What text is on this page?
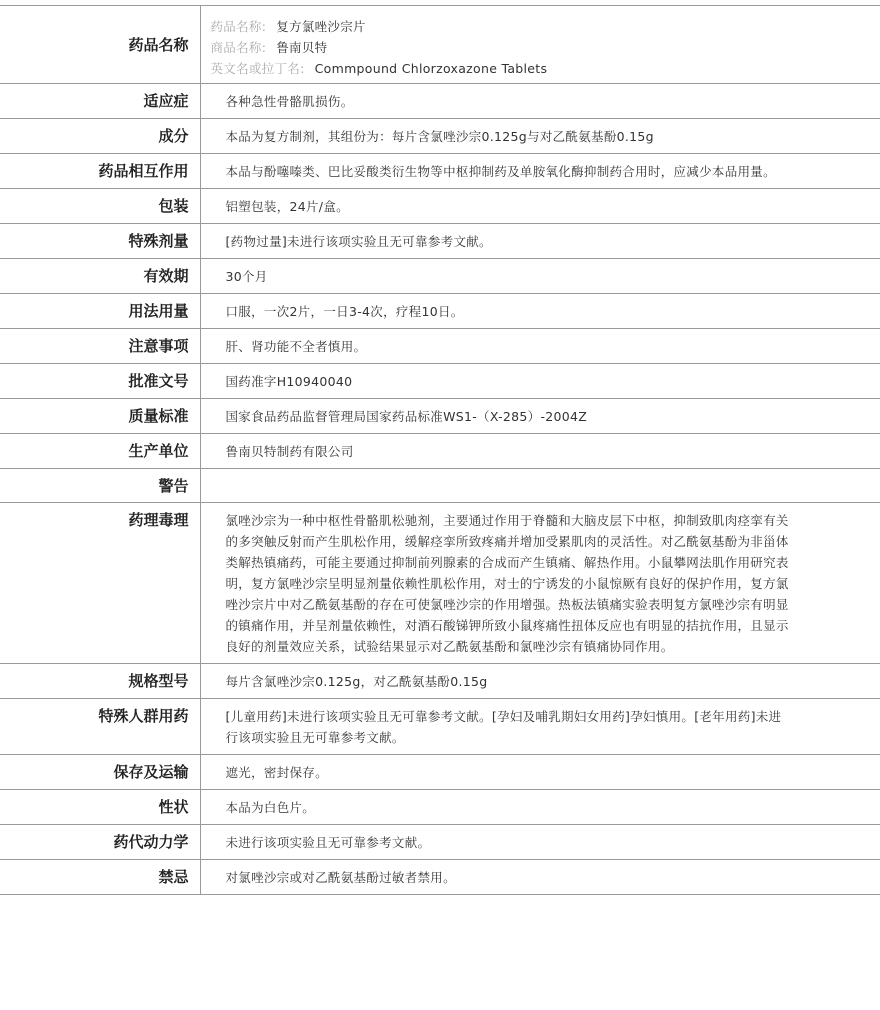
药品名称	药品名称: 复方氯唑沙宗片
商品名称: 鲁南贝特
英文名或拉丁名: Commpound Chlorzoxazone Tablets

适应症	各种急性骨骼肌损伤。
成分	本品为复方制剂，其组份为：每片含氯唑沙宗0.125g与对乙酰氨基酚0.15g
药品相互作用	本品与酚噻嗪类、巴比妥酸类衍生物等中枢抑制药及单胺氧化酶抑制药合用时，应减少本品用量。
包装	铝塑包装，24片/盒。
特殊剂量	[药物过量]未进行该项实验且无可靠参考文献。
有效期	30个月
用法用量	口服，一次2片，一日3-4次，疗程10日。
注意事项	肝、肾功能不全者慎用。
批准文号	国药准字H10940040
质量标准	国家食品药品监督管理局国家药品标准WS1-（X-285）-2004Z
生产单位	鲁南贝特制药有限公司
警告	
药理毒理	氯唑沙宗为一种中枢性骨骼肌松驰剂，主要通过作用于脊髓和大脑皮层下中枢，抑制致肌肉痉挛有关的多突触反射而产生肌松作用，缓解痉挛所致疼痛并增加受累肌肉的灵活性。对乙酰氨基酚为非甾体类解热镇痛药，可能主要通过抑制前列腺素的合成而产生镇痛、解热作用。小鼠攀网法肌作用研究表明，复方氯唑沙宗呈明显剂量依赖性肌松作用，对士的宁诱发的小鼠惊厥有良好的保护作用，复方氯唑沙宗片中对乙酰氨基酚的存在可使氯唑沙宗的作用增强。热板法镇痛实验表明复方氯唑沙宗有明显的镇痛作用，并呈剂量依赖性，对酒石酸锑钾所致小鼠疼痛性扭体反应也有明显的拮抗作用，且显示良好的剂量效应关系，试验结果显示对乙酰氨基酚和氯唑沙宗有镇痛协同作用。
规格型号	每片含氯唑沙宗0.125g，对乙酰氨基酚0.15g
特殊人群用药	[儿童用药]未进行该项实验且无可靠参考文献。[孕妇及哺乳期妇女用药]孕妇慎用。[老年用药]未进行该项实验且无可靠参考文献。
保存及运输	遮光，密封保存。
性状	本品为白色片。
药代动力学	未进行该项实验且无可靠参考文献。
禁忌	对氯唑沙宗或对乙酰氨基酚过敏者禁用。
